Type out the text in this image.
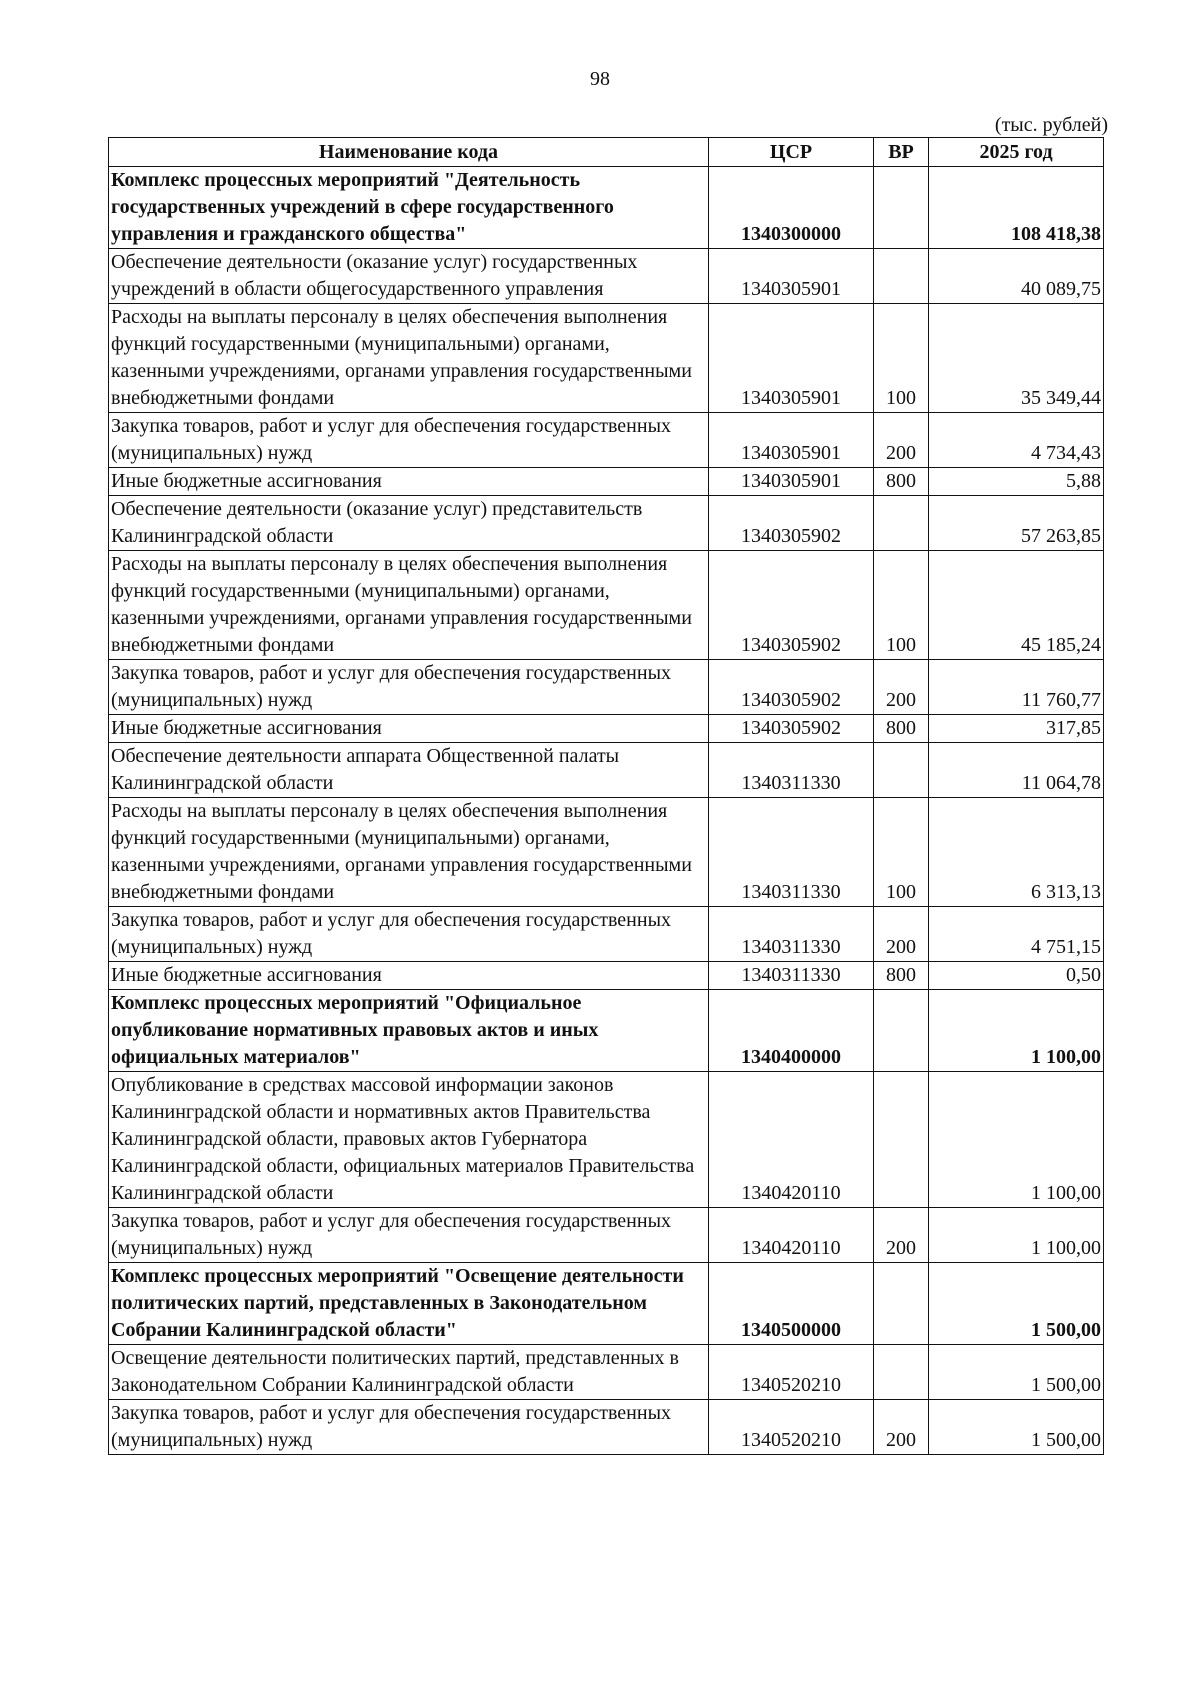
98
(тыс. рублей)
Наименование кода	ЦСР	ВР	2025 год
Комплекс процессных мероприятий "Деятельность государственных учреждений в сфере государственного управления и гражданского общества"	1340300000		108 418,38
Обеспечение деятельности (оказание услуг) государственных учреждений в области общегосударственного управления	1340305901		40 089,75
Расходы на выплаты персоналу в целях обеспечения выполнения функций государственными (муниципальными) органами, казенными учреждениями, органами управления государственными внебюджетными фондами	1340305901	100	35 349,44
Закупка товаров, работ и услуг для обеспечения государственных (муниципальных) нужд	1340305901	200	4 734,43
Иные бюджетные ассигнования	1340305901	800	5,88
Обеспечение деятельности (оказание услуг) представительств Калининградской области	1340305902		57 263,85
Расходы на выплаты персоналу в целях обеспечения выполнения функций государственными (муниципальными) органами, казенными учреждениями, органами управления государственными внебюджетными фондами	1340305902	100	45 185,24
Закупка товаров, работ и услуг для обеспечения государственных (муниципальных) нужд	1340305902	200	11 760,77
Иные бюджетные ассигнования	1340305902	800	317,85
Обеспечение деятельности аппарата Общественной палаты Калининградской области	1340311330		11 064,78
Расходы на выплаты персоналу в целях обеспечения выполнения функций государственными (муниципальными) органами, казенными учреждениями, органами управления государственными внебюджетными фондами	1340311330	100	6 313,13
Закупка товаров, работ и услуг для обеспечения государственных (муниципальных) нужд	1340311330	200	4 751,15
Иные бюджетные ассигнования	1340311330	800	0,50
Комплекс процессных мероприятий "Официальное опубликование нормативных правовых актов и иных официальных материалов"	1340400000		1 100,00
Опубликование в средствах массовой информации законов Калининградской области и нормативных актов Правительства Калининградской области, правовых актов Губернатора Калининградской области, официальных материалов Правительства Калининградской области	1340420110		1 100,00
Закупка товаров, работ и услуг для обеспечения государственных (муниципальных) нужд	1340420110	200	1 100,00
Комплекс процессных мероприятий "Освещение деятельности политических партий, представленных в Законодательном Собрании Калининградской области"	1340500000		1 500,00
Освещение деятельности политических партий, представленных в Законодательном Собрании Калининградской области	1340520210		1 500,00
Закупка товаров, работ и услуг для обеспечения государственных (муниципальных) нужд	1340520210	200	1 500,00
